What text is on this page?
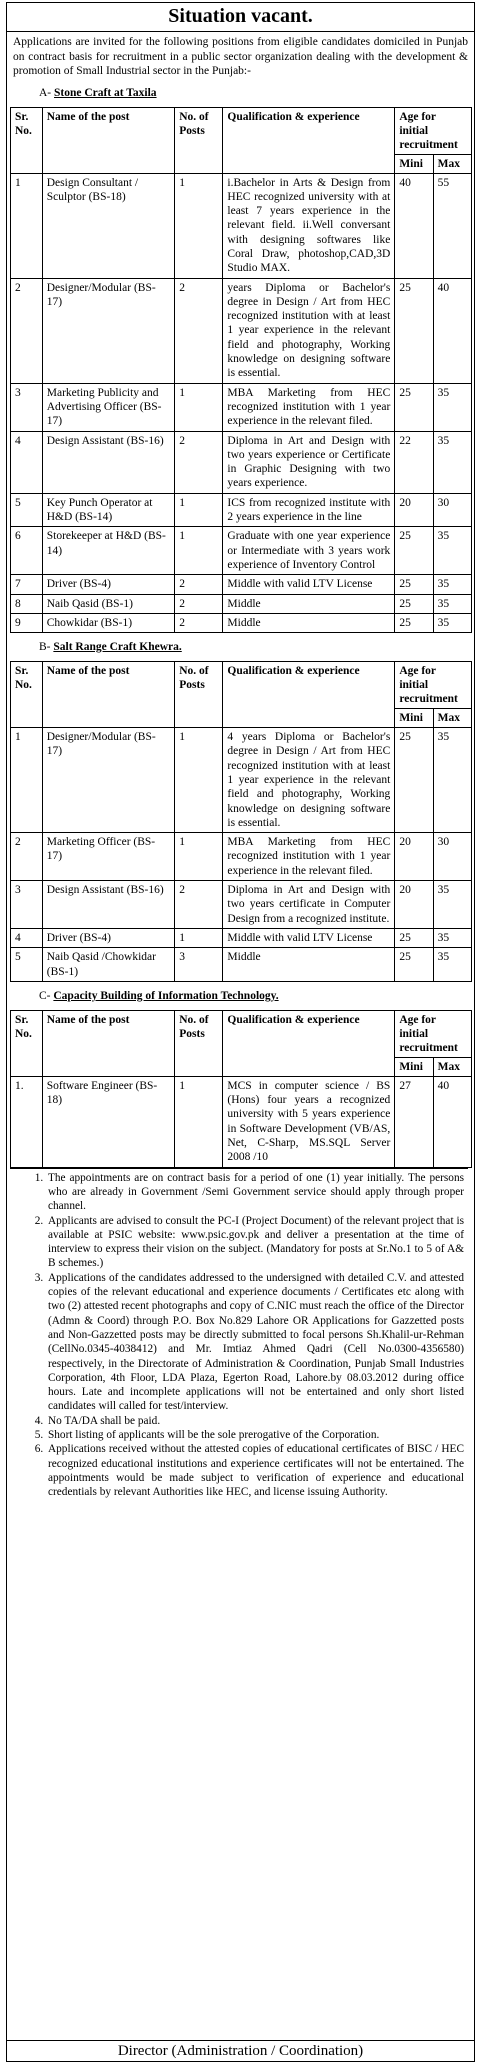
Situation vacant.
Applications are invited for the following positions from eligible candidates domiciled in Punjab on contract basis for recruitment in a public sector organization dealing with the development & promotion of Small Industrial sector in the Punjab:-
A- Stone Craft at Taxila
Sr. No.	Name of the post	No. of Posts	Qualification & experience	Age for initial recruitment	
				Mini	Max
1	Design Consultant / Sculptor (BS-18)	1	i.Bachelor in Arts & Design from HEC recognized university with at least 7 years experience in the relevant field. ii.Well conversant with designing softwares like Coral Draw, photoshop,CAD,3D Studio MAX.	40	55
2	Designer/Modular (BS-17)	2	years Diploma or Bachelor's degree in Design / Art from HEC recognized institution with at least 1 year experience in the relevant field and photography, Working knowledge on designing software is essential.	25	40
3	Marketing Publicity and Advertising Officer (BS-17)	1	MBA Marketing from HEC recognized institution with 1 year experience in the relevant filed.	25	35
4	Design Assistant (BS-16)	2	Diploma in Art and Design with two years experience or Certificate in Graphic Designing with two years experience.	22	35
5	Key Punch Operator at H&D (BS-14)	1	ICS from recognized institute with 2 years experience in the line	20	30
6	Storekeeper at H&D (BS-14)	1	Graduate with one year experience or Intermediate with 3 years work experience of Inventory Control	25	35
7	Driver (BS-4)	2	Middle with valid LTV License	25	35
8	Naib Qasid (BS-1)	2	Middle	25	35
9	Chowkidar (BS-1)	2	Middle	25	35
B- Salt Range Craft Khewra.
Sr. No.	Name of the post	No. of Posts	Qualification & experience	Age for initial recruitment	
				Mini	Max
1	Designer/Modular (BS-17)	1	4 years Diploma or Bachelor's degree in Design / Art from HEC recognized institution with at least 1 year experience in the relevant field and photography, Working knowledge on designing software is essential.	25	35
2	Marketing Officer (BS-17)	1	MBA Marketing from HEC recognized institution with 1 year experience in the relevant filed.	20	30
3	Design Assistant (BS-16)	2	Diploma in Art and Design with two years certificate in Computer Design from a recognized institute.	20	35
4	Driver (BS-4)	1	Middle with valid LTV License	25	35
5	Naib Qasid /Chowkidar (BS-1)	3	Middle	25	35
C- Capacity Building of Information Technology.
Sr. No.	Name of the post	No. of Posts	Qualification & experience	Age for initial recruitment	
				Mini	Max
1.	Software Engineer (BS-18)	1	MCS in computer science / BS (Hons) four years a recognized university with 5 years experience in Software Development (VB/AS, Net, C-Sharp, MS.SQL Server 2008 /10	27	40
1. The appointments are on contract basis for a period of one (1) year initially. The persons who are already in Government /Semi Government service should apply through proper channel.
2. Applicants are advised to consult the PC-I (Project Document) of the relevant project that is available at PSIC website: www.psic.gov.pk and deliver a presentation at the time of interview to express their vision on the subject. (Mandatory for posts at Sr.No.1 to 5 of A& B schemes.)
3. Applications of the candidates addressed to the undersigned with detailed C.V. and attested copies of the relevant educational and experience documents / Certificates etc along with two (2) attested recent photographs and copy of C.NIC must reach the office of the Director (Admn & Coord) through P.O. Box No.829 Lahore OR Applications for Gazzetted posts and Non-Gazzetted posts may be directly submitted to focal persons Sh.Khalil-ur-Rehman (CellNo.0345-4038412) and Mr. Imtiaz Ahmed Qadri (Cell No.0300-4356580) respectively, in the Directorate of Administration & Coordination, Punjab Small Industries Corporation, 4th Floor, LDA Plaza, Egerton Road, Lahore.by 08.03.2012 during office hours. Late and incomplete applications will not be entertained and only short listed candidates will called for test/interview.
4. No TA/DA shall be paid.
5. Short listing of applicants will be the sole prerogative of the Corporation.
6. Applications received without the attested copies of educational certificates of BISC / HEC recognized educational institutions and experience certificates will not be entertained. The appointments would be made subject to verification of experience and educational credentials by relevant Authorities like HEC, and license issuing Authority.
Director (Administration / Coordination)
